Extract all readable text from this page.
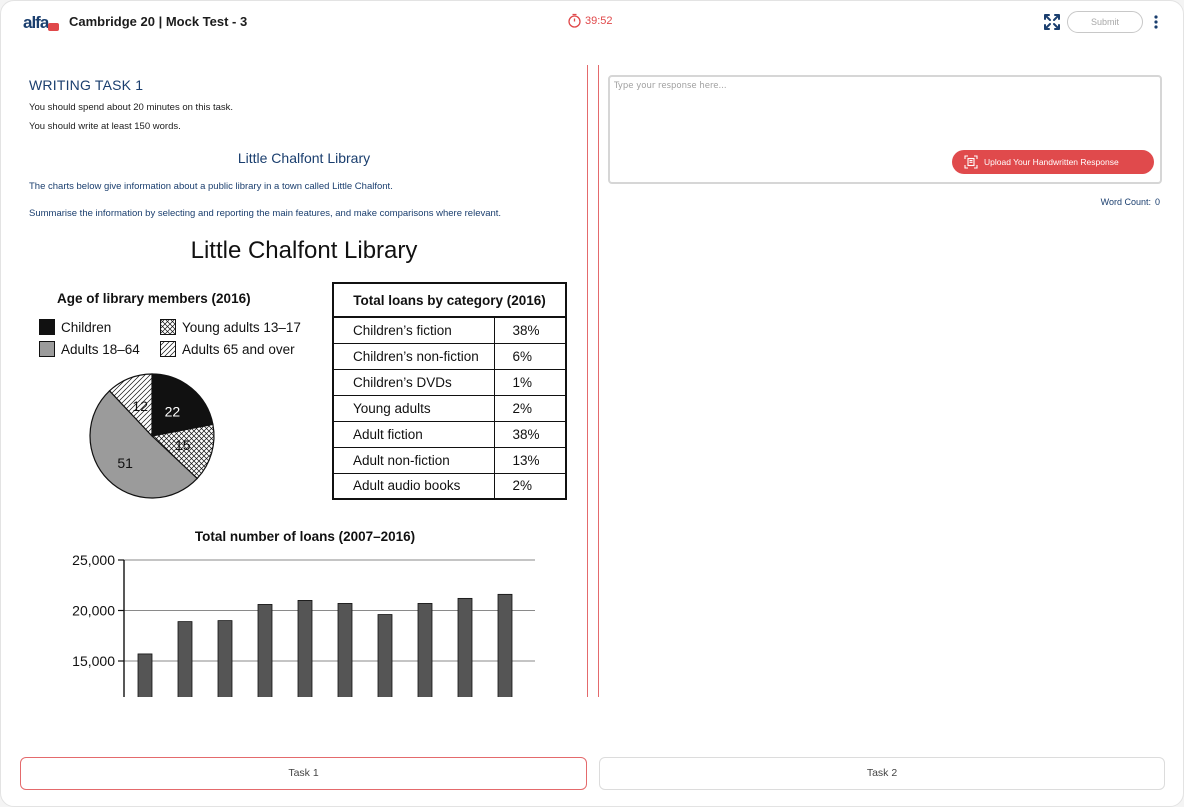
alfa Cambridge 20 | Mock Test - 3	39:52	Submit
WRITING TASK 1
You should spend about 20 minutes on this task.
You should write at least 150 words.
Little Chalfont Library
The charts below give information about a public library in a town called Little Chalfont.
Summarise the information by selecting and reporting the main features, and make comparisons where relevant.
Little Chalfont Library
Age of library members (2016)
Children	Young adults 13–17
Adults 18–64	Adults 65 and over
22
15
51
12
Total loans by category (2016)	
Children’s fiction	38%
Children’s non-fiction	6%
Children’s DVDs	1%
Young adults	2%
Adult fiction	38%
Adult non-fiction	13%
Adult audio books	2%
Total number of loans (2007–2016)
15,000
20,000
25,000
Type your response here...
Upload Your Handwritten Response
Word Count: 0
Task 1	Task 2
